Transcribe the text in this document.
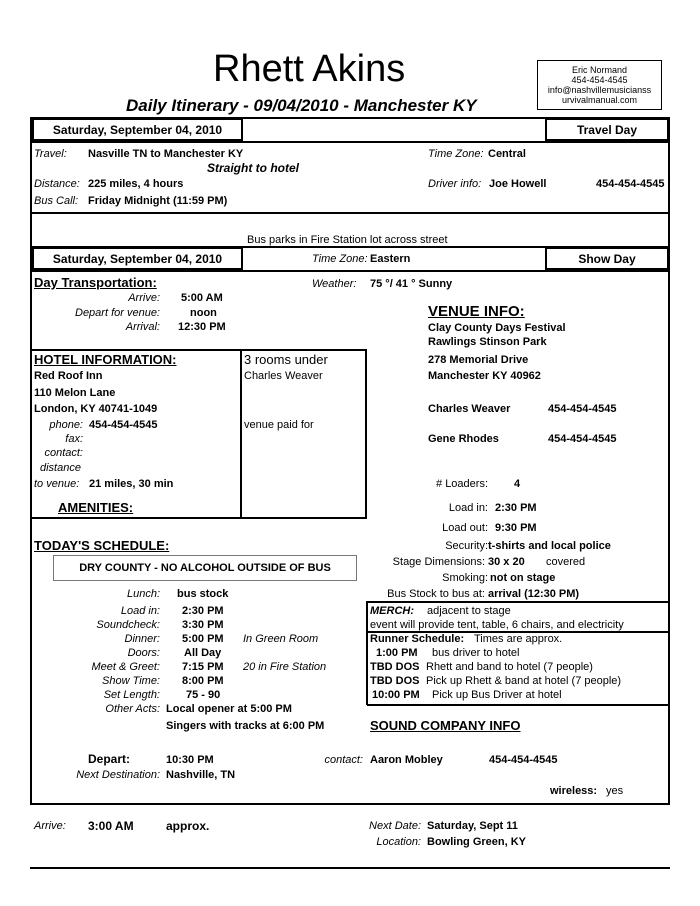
Rhett Akins
Daily Itinerary - 09/04/2010 - Manchester KY
Eric Normand
454-454-4545
info@nashvillemusicianss
urvivalmanual.com
Saturday, September 04, 2010	Travel Day
Travel: Nasville TN to Manchester KY
Straight to hotel
Time Zone: Central
Distance: 225 miles, 4 hours	Driver info: Joe Howell	454-454-4545
Bus Call: Friday Midnight (11:59 PM)
Bus parks in Fire Station lot across street
Saturday, September 04, 2010	Show Day
Time Zone: Eastern
Day Transportation:
Arrive: 5:00 AM
Depart for venue:	noon
Arrival: 12:30 PM
Weather: 75 °/ 41 ° Sunny
VENUE INFO:
Clay County Days Festival
Rawlings Stinson Park
278 Memorial Drive
Manchester KY 40962
Charles Weaver	454-454-4545
Gene Rhodes	454-454-4545
# Loaders: 4
Load in: 2:30 PM
Load out: 9:30 PM
Security: t-shirts and local police
Stage Dimensions: 30 x 20 covered
Smoking: not on stage
Bus Stock to bus at: arrival (12:30 PM)
HOTEL INFORMATION:	3 rooms under
Charles Weaver
Red Roof Inn
110 Melon Lane
London, KY 40741-1049
phone: 454-454-4545	venue paid for
fax:
contact:
distance
to venue: 21 miles, 30 min
AMENITIES:
TODAY'S SCHEDULE:
DRY COUNTY - NO ALCOHOL OUTSIDE OF BUS
Lunch: bus stock
Load in: 2:30 PM
Soundcheck: 3:30 PM
Dinner: 5:00 PM In Green Room
Doors: All Day
Meet & Greet: 7:15 PM 20 in Fire Station
Show Time: 8:00 PM
Set Length: 75 - 90
Other Acts: Local opener at 5:00 PM
Singers with tracks at 6:00 PM
Depart:	10:30 PM
Next Destination: Nashville, TN
MERCH: adjacent to stage
event will provide tent, table, 6 chairs, and electricity
Runner Schedule: Times are approx.
1:00 PM bus driver to hotel
TBD DOS Rhett and band to hotel (7 people)
TBD DOS Pick up Rhett & band at hotel (7 people)
10:00 PM Pick up Bus Driver at hotel
SOUND COMPANY INFO
contact: Aaron Mobley	454-454-4545
wireless: yes
Arrive: 3:00 AM	approx.	Next Date: Saturday, Sept 11
Location: Bowling Green, KY
